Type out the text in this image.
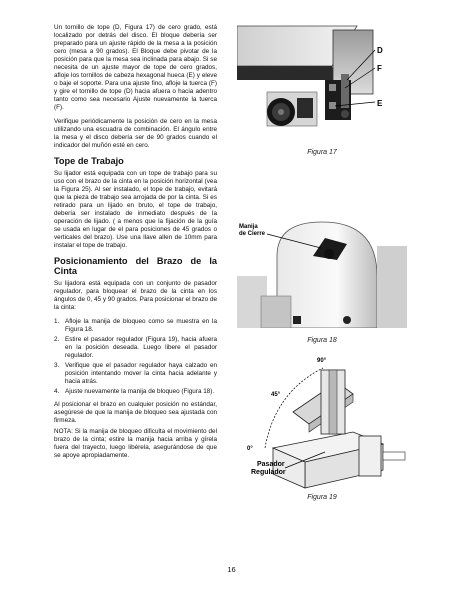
Un tornillo de tope (D, Figura 17) de cero grado, está localizado por detrás del disco. El bloque debería ser preparado para un ajuste rápido de la mesa a la posición cero (mesa a 90 grados). El Bloque debe pivotar de la posición para que la mesa sea inclinada para abajo. Si se necesita de un ajuste mayor de tope de cero grados, afloje los tornillos de cabeza hexagonal hueca (E) y eleve o baje el soporte. Para una ajuste fino, afloje la tuerca (F) y gire el tornillo de tope (D) hacia afuera o hacia adentro tanto como sea necesario Ajuste nuevamente la tuerca (F).

Verifique periódicamente la posición de cero en la mesa utilizando una escuadra de combinación. El ángulo entre la mesa y el disco debería ser de 90 grados cuando el indicador del muñón esté en cero.

Tope de Trabajo

Su lijador está equipada con un tope de trabajo para su uso con el brazo de la cinta en la posición horizontal (vea la Figura 25). Al ser instalado, el tope de trabajo, evitará que la pieza de trabajo sea arrojada de por la cinta. Si es retirado para un lijado en bruto, el tope de trabajo, debería ser instalado de inmediato después de la operación de lijado. ( a menos que la fijación de la guía se usada en lugar de el para posiciones de 45 grados o verticales del brazo). Use una llave allen de 10mm para instalar el tope de trabajo.

Posicionamiento del Brazo de la Cinta

Su lijadora está equipada con un conjunto de pasador regulador, para bloquear el brazo de la cinta en los ángulos de 0, 45 y 90 grados. Para posicionar el brazo de la cinta:

1. Afloje la manija de bloqueo como se muestra en la Figura 18.
2. Estire el pasador regulador (Figura 19), hacia afuera en la posición deseada. Luego libere el pasador regulador.
3. Verifique que el pasador regulador haya calzado en posición intentando mover la cinta hacia adelante y hacia atrás.
4. Ajuste nuevamente la manija de bloqueo (Figura 18).

Al posicionar el brazo en cualquier posición no estándar, asegúrese de que la manija de bloqueo sea ajustada con firmeza.

NOTA: Si la manija de bloqueo dificulta el movimiento del brazo de la cinta; estire la manija hacia arriba y gírela fuera del trayecto, luego libérela, asegurándose de que se apoye apropiadamente.

D
F
E
Figura 17
Manija
de Cierre
Figura 18
90°
45°
0°
Pasador
Regulador
Figura 19
16
